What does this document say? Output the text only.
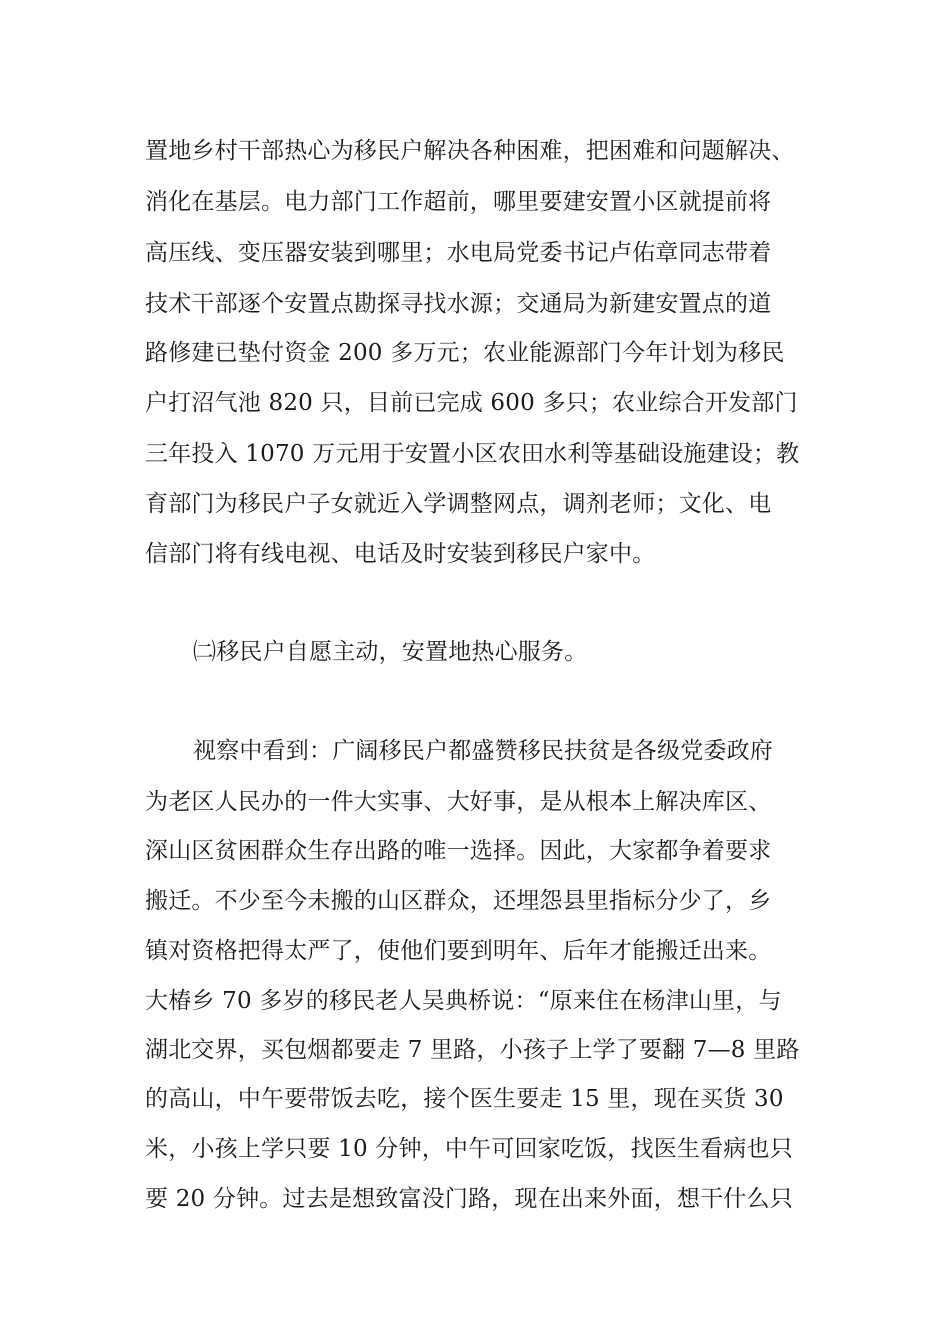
置地乡村干部热心为移民户解决各种困难，把困难和问题解决、

消化在基层。电力部门工作超前，哪里要建安置小区就提前将

高压线、变压器安装到哪里；水电局党委书记卢佑章同志带着

技术干部逐个安置点勘探寻找水源；交通局为新建安置点的道

路修建已垫付资金 200 多万元；农业能源部门今年计划为移民

户打沼气池 820 只，目前已完成 600 多只；农业综合开发部门

三年投入 1070 万元用于安置小区农田水利等基础设施建设；教

育部门为移民户子女就近入学调整网点，调剂老师；文化、电

信部门将有线电视、电话及时安装到移民户家中。

㈡移民户自愿主动，安置地热心服务。

视察中看到：广阔移民户都盛赞移民扶贫是各级党委政府

为老区人民办的一件大实事、大好事，是从根本上解决库区、

深山区贫困群众生存出路的唯一选择。因此，大家都争着要求

搬迁。不少至今未搬的山区群众，还埋怨县里指标分少了，乡

镇对资格把得太严了，使他们要到明年、后年才能搬迁出来。

大椿乡 70 多岁的移民老人吴典桥说：“原来住在杨津山里，与

湖北交界，买包烟都要走 7 里路，小孩子上学了要翻 7—8 里路

的高山，中午要带饭去吃，接个医生要走 15 里，现在买货 30

米，小孩上学只要 10 分钟，中午可回家吃饭，找医生看病也只

要 20 分钟。过去是想致富没门路，现在出来外面，想干什么只
